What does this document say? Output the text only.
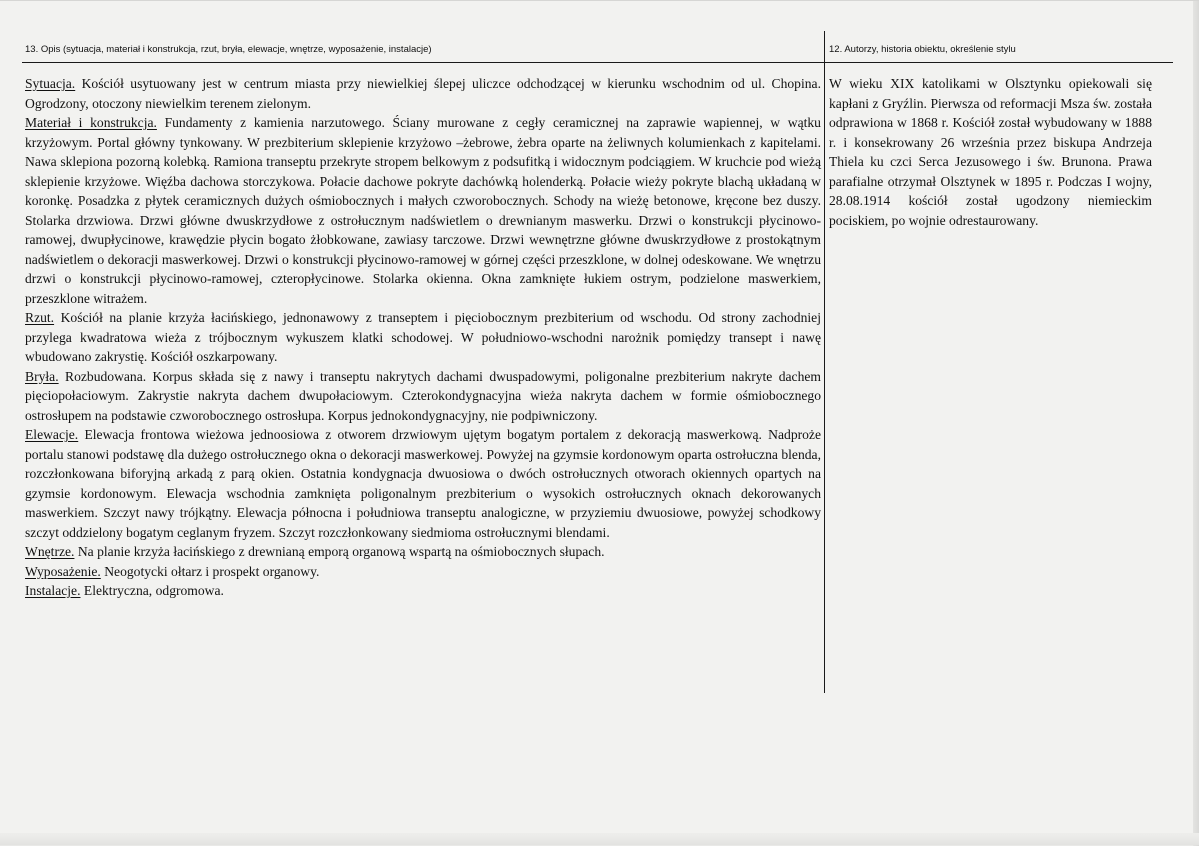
13. Opis (sytuacja, materiał i konstrukcja, rzut, bryła, elewacje, wnętrze, wyposażenie, instalacje)	12. Autorzy, historia obiektu, określenie stylu

Sytuacja. Kościół usytuowany jest w centrum miasta przy niewielkiej ślepej uliczce odchodzącej w kierunku wschodnim od ul. Chopina. Ogrodzony, otoczony niewielkim terenem zielonym.

Materiał i konstrukcja. Fundamenty z kamienia narzutowego. Ściany murowane z cegły ceramicznej na zaprawie wapiennej, w wątku krzyżowym. Portal główny tynkowany. W prezbiterium sklepienie krzyżowo –żebrowe, żebra oparte na żeliwnych kolumienkach z kapitelami. Nawa sklepiona pozorną kolebką. Ramiona transeptu przekryte stropem belkowym z podsufitką i widocznym podciągiem. W kruchcie pod wieżą sklepienie krzyżowe. Więźba dachowa storczykowa. Połacie dachowe pokryte dachówką holenderką. Połacie wieży pokryte blachą układaną w koronkę. Posadzka z płytek ceramicznych dużych ośmiobocznych i małych czworobocznych. Schody na wieżę betonowe, kręcone bez duszy. Stolarka drzwiowa. Drzwi główne dwuskrzydłowe z ostrołucznym nadświetlem o drewnianym maswerku. Drzwi o konstrukcji płycinowo- ramowej, dwupłycinowe, krawędzie płycin bogato żłobkowane, zawiasy tarczowe. Drzwi wewnętrzne główne dwuskrzydłowe z prostokątnym nadświetlem o dekoracji maswerkowej. Drzwi o konstrukcji płycinowo-ramowej w górnej części przeszklone, w dolnej odeskowane. We wnętrzu drzwi o konstrukcji płycinowo-ramowej, czteropłycinowe. Stolarka okienna. Okna zamknięte łukiem ostrym, podzielone maswerkiem, przeszklone witrażem.

Rzut. Kościół na planie krzyża łacińskiego, jednonawowy z transeptem i pięciobocznym prezbiterium od wschodu. Od strony zachodniej przylega kwadratowa wieża z trójbocznym wykuszem klatki schodowej. W południowo-wschodni narożnik pomiędzy transept i nawę wbudowano zakrystię. Kościół oszkarpowany.

Bryła. Rozbudowana. Korpus składa się z nawy i transeptu nakrytych dachami dwuspadowymi, poligonalne prezbiterium nakryte dachem pięciopołaciowym. Zakrystie nakryta dachem dwupołaciowym. Czterokondygnacyjna wieża nakryta dachem w formie ośmiobocznego ostrosłupem na podstawie czworobocznego ostrosłupa. Korpus jednokondygnacyjny, nie podpiwniczony.

Elewacje. Elewacja frontowa wieżowa jednoosiowa z otworem drzwiowym ujętym bogatym portalem z dekoracją maswerkową. Nadproże portalu stanowi podstawę dla dużego ostrołucznego okna o dekoracji maswerkowej. Powyżej na gzymsie kordonowym oparta ostrołuczna blenda, rozczłonkowana biforyjną arkadą z parą okien. Ostatnia kondygnacja dwuosiowa o dwóch ostrołucznych otworach okiennych opartych na gzymsie kordonowym. Elewacja wschodnia zamknięta poligonalnym prezbiterium o wysokich ostrołucznych oknach dekorowanych maswerkiem. Szczyt nawy trójkątny. Elewacja północna i południowa transeptu analogiczne, w przyziemiu dwuosiowe, powyżej schodkowy szczyt oddzielony bogatym ceglanym fryzem. Szczyt rozczłonkowany siedmioma ostrołucznymi blendami.

Wnętrze. Na planie krzyża łacińskiego z drewnianą emporą organową wspartą na ośmiobocznych słupach.

Wyposażenie. Neogotycki ołtarz i prospekt organowy.

Instalacje. Elektryczna, odgromowa.

W wieku XIX katolikami w Olsztynku opiekowali się kapłani z Gryźlin. Pierwsza od reformacji Msza św. została odprawiona w 1868 r. Kościół został wybudowany w 1888 r. i konsekrowany 26 września przez biskupa Andrzeja Thiela ku czci Serca Jezusowego i św. Brunona. Prawa parafialne otrzymał Olsztynek w 1895 r. Podczas I wojny, 28.08.1914 kościół został ugodzony niemieckim pociskiem, po wojnie odrestaurowany.
